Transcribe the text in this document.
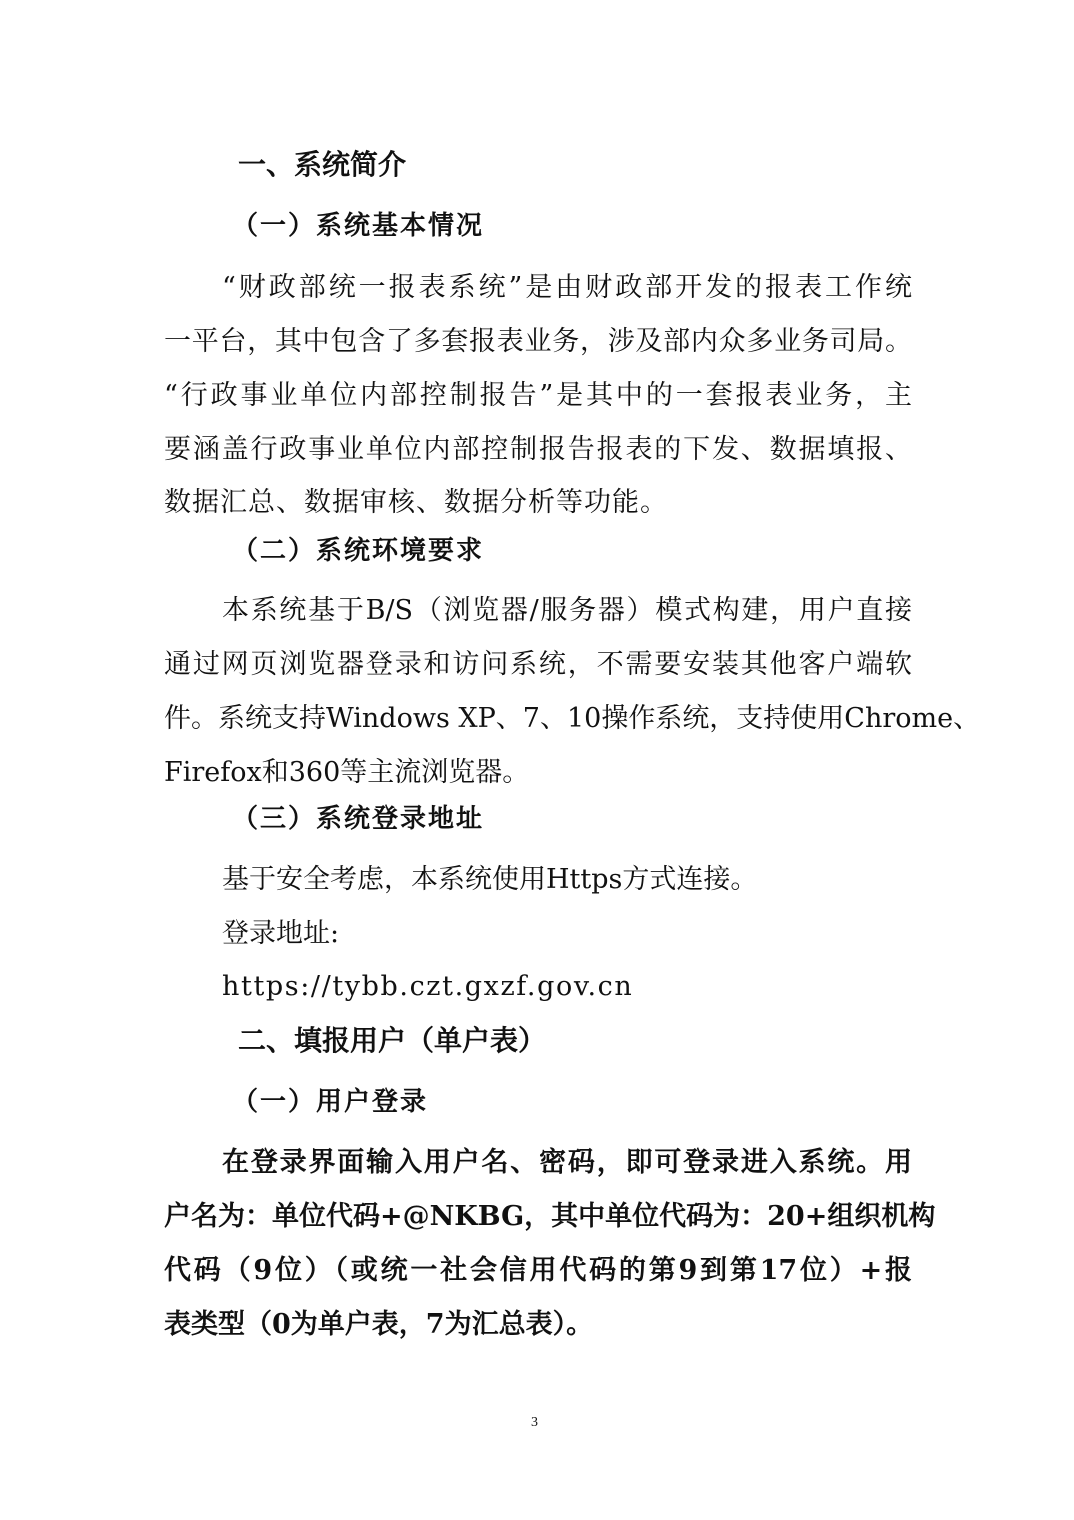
一、系统简介
（一）系统基本情况
“财政部统一报表系统”是由财政部开发的报表工作统
一平台，其中包含了多套报表业务，涉及部内众多业务司局。
“行政事业单位内部控制报告”是其中的一套报表业务，主
要涵盖行政事业单位内部控制报告报表的下发、数据填报、
数据汇总、数据审核、数据分析等功能。
（二）系统环境要求
本系统基于B/S（浏览器/服务器）模式构建，用户直接
通过网页浏览器登录和访问系统，不需要安装其他客户端软
件。系统支持Windows XP、7、10操作系统，支持使用Chrome、
Firefox和360等主流浏览器。
（三）系统登录地址
基于安全考虑，本系统使用Https方式连接。
登录地址:
https://tybb.czt.gxzf.gov.cn
二、填报用户（单户表）
（一）用户登录
在登录界面输入用户名、密码，即可登录进入系统。用
户名为：单位代码+@NKBG，其中单位代码为：20+组织机构
代码（9位）（或统一社会信用代码的第9到第17位）+报
表类型（0为单户表，7为汇总表）。
3
